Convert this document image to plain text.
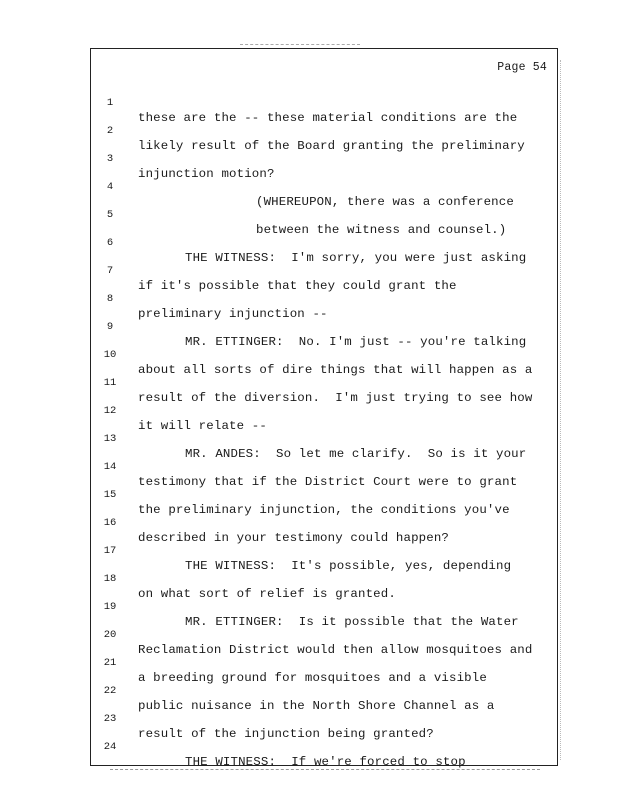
Page 54

1

these are the -- these material conditions are the

2

likely result of the Board granting the preliminary

3

injunction motion?

4

(WHEREUPON, there was a conference

5

between the witness and counsel.)

6

THE WITNESS:  I'm sorry, you were just asking

7

if it's possible that they could grant the

8

preliminary injunction --

9

MR. ETTINGER:  No. I'm just -- you're talking

10

about all sorts of dire things that will happen as a

11

result of the diversion.  I'm just trying to see how

12

it will relate --

13

MR. ANDES:  So let me clarify.  So is it your

14

testimony that if the District Court were to grant

15

the preliminary injunction, the conditions you've

16

described in your testimony could happen?

17

THE WITNESS:  It's possible, yes, depending

18

on what sort of relief is granted.

19

MR. ETTINGER:  Is it possible that the Water

20

Reclamation District would then allow mosquitoes and

21

a breeding ground for mosquitoes and a visible

22

public nuisance in the North Shore Channel as a

23

result of the injunction being granted?

24

THE WITNESS:  If we're forced to stop
